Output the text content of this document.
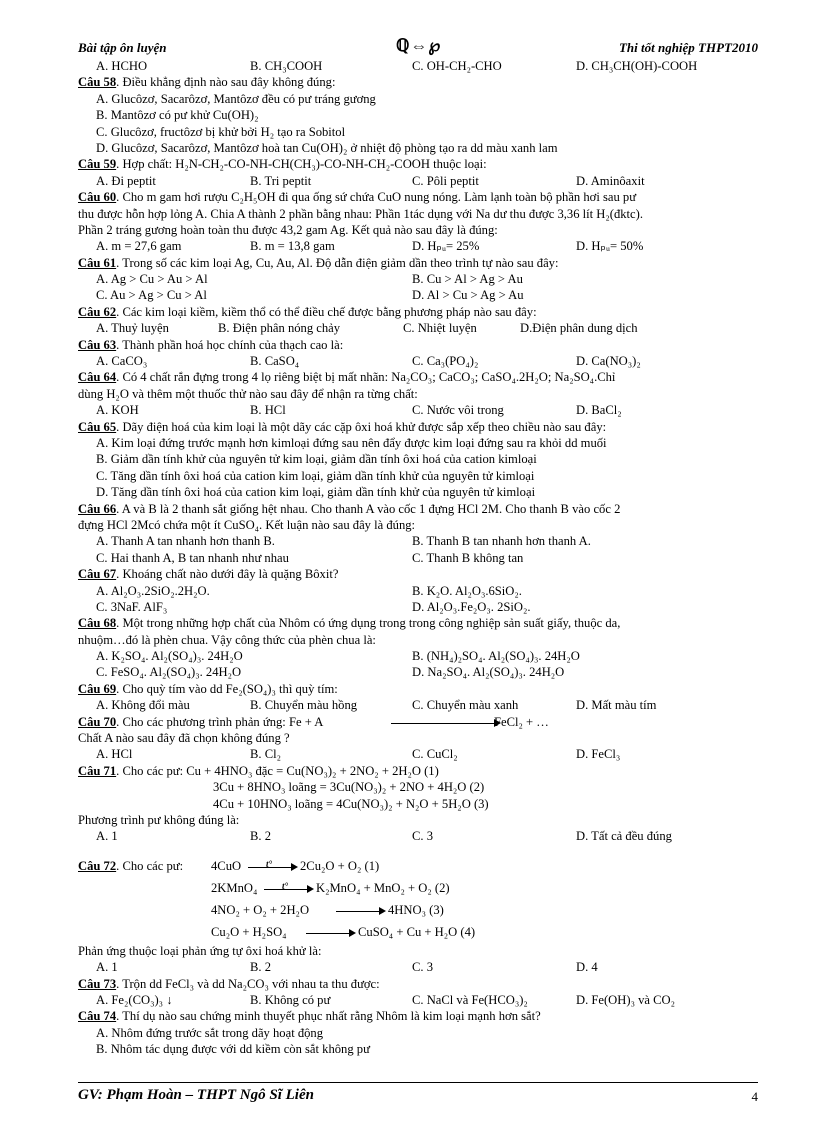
Bài tập ôn luyện	ℚ⇔℘	Thi tốt nghiệp THPT2010
A. HCHO	B. CH₃COOH	C. OH-CH₂-CHO	D. CH₃CH(OH)-COOH
Câu 58. Điều khẳng định nào sau đây không đúng:
A. Glucôzơ, Sacarôzơ, Mantôzơ đều có pư tráng gương
B. Mantôzơ có pư khử Cu(OH)₂
C. Glucôzơ, fructôzơ bị khử bởi H₂ tạo ra Sobitol
D. Glucôzơ, Sacarôzơ, Mantôzơ hoà tan Cu(OH)₂ ở nhiệt độ phòng tạo ra dd màu xanh lam
Câu 59. Hợp chất: H₂N-CH₂-CO-NH-CH(CH₃)-CO-NH-CH₂-COOH thuộc loại:
A. Đi peptit	B. Tri peptit	C. Pôli peptit	D. Aminôaxit
Câu 60. Cho m gam hơi rượu C₂H₅OH đi qua ống sứ chứa CuO nung nóng. Làm lạnh toàn bộ phần hơi sau pư
thu được hỗn hợp lỏng A. Chia A thành 2 phần bằng nhau: Phần 1tác dụng với Na dư thu được 3,36 lít H₂(đktc).
Phần 2 tráng gương hoàn toàn thu được 43,2 gam Ag. Kết quả nào sau đây là đúng:
A. m = 27,6 gam	B. m = 13,8 gam	D. Hₚᵤ= 25%	D. Hₚᵤ= 50%
Câu 61. Trong số các kim loại Ag, Cu, Au, Al. Độ dẫn điện giảm dần theo trình tự nào sau đây:
A. Ag > Cu > Au > Al	B. Cu > Al > Ag > Au
C. Au > Ag > Cu > Al	D. Al > Cu > Ag > Au
Câu 62. Các kim loại kiềm, kiềm thổ có thể điều chế được bằng phương pháp nào sau đây:
A. Thuỷ luyện	B. Điện phân nóng chảy	C. Nhiệt luyện	D.Điện phân dung dịch
Câu 63. Thành phần hoá học chính của thạch cao là:
A. CaCO₃	B. CaSO₄	C. Ca₃(PO₄)₂	D. Ca(NO₃)₂
Câu 64. Có 4 chất rắn đựng trong 4 lọ riêng biệt bị mất nhãn: Na₂CO₃; CaCO₃; CaSO₄.2H₂O; Na₂SO₄.Chỉ
dùng H₂O và thêm một thuốc thử nào sau đây để nhận ra từng chất:
A. KOH	B. HCl	C. Nước vôi trong	D. BaCl₂
Câu 65. Dãy điện hoá của kim loại là một dãy các cặp ôxi hoá khử được sắp xếp theo chiều nào sau đây:
A. Kim loại đứng trước mạnh hơn kimloại đứng sau nên đẩy được kim loại đứng sau ra khỏi dd muối
B. Giảm dần tính khử của nguyên tử kim loại, giảm dần tính ôxi hoá của cation kimloại
C. Tăng dần tính ôxi hoá của cation kim loại, giảm dần tính khử của nguyên tử kimloại
D. Tăng dần tính ôxi hoá của cation kim loại, giảm dần tính khử của nguyên tử kimloại
Câu 66. A và B là 2 thanh sắt giống hệt nhau. Cho thanh A vào cốc 1 đựng HCl 2M. Cho thanh B vào cốc 2
đựng HCl 2Mcó chứa một ít CuSO₄. Kết luận nào sau đây là đúng:
A. Thanh A tan nhanh hơn thanh B.	B. Thanh B tan nhanh hơn thanh A.
C. Hai thanh A, B tan nhanh như nhau	C. Thanh B không tan
Câu 67. Khoáng chất nào dưới đây là quặng Bôxit?
A. Al₂O₃.2SiO₂.2H₂O.	B. K₂O. Al₂O₃.6SiO₂.
C. 3NaF. AlF₃	D. Al₂O₃.Fe₂O₃. 2SiO₂.
Câu 68. Một trong những hợp chất của Nhôm có ứng dụng trong trong công nghiệp sản suất giấy, thuộc da,
nhuộm…đó là phèn chua. Vậy công thức của phèn chua là:
A. K₂SO₄. Al₂(SO₄)₃. 24H₂O	B. (NH₄)₂SO₄. Al₂(SO₄)₃. 24H₂O
C. FeSO₄. Al₂(SO₄)₃. 24H₂O	D. Na₂SO₄. Al₂(SO₄)₃. 24H₂O
Câu 69. Cho quỳ tím vào dd Fe₂(SO₄)₃ thì quỳ tím:
A. Không đổi màu	B. Chuyển màu hồng	C. Chuyển màu xanh	D. Mất màu tím
Câu 70. Cho các phương trình phản ứng: Fe + A	FeCl₂ + …
Chất A nào sau đây đã chọn không đúng ?
A. HCl	B. Cl₂	C. CuCl₂	D. FeCl₃
Câu 71. Cho các pư: Cu + 4HNO₃ đặc = Cu(NO₃)₂ + 2NO₂ + 2H₂O (1)
3Cu + 8HNO₃ loãng = 3Cu(NO₃)₂ + 2NO + 4H₂O (2)
4Cu + 10HNO₃ loãng = 4Cu(NO₃)₂ + N₂O + 5H₂O (3)
Phương trình pư không đúng là:
A. 1	B. 2	C. 3	D. Tất cả đều đúng
Câu 72. Cho các pư: 4CuO	t° 2Cu₂O + O₂ (1)
2KMnO₄	t° K₂MnO₄ + MnO₂ + O₂ (2)
4NO₂ + O₂ + 2H₂O	4HNO₃ (3)
Cu₂O + H₂SO₄	CuSO₄ + Cu + H₂O (4)
Phản ứng thuộc loại phản ứng tự ôxi hoá khử là:
A. 1	B. 2	C. 3	D. 4
Câu 73. Trộn dd FeCl₃ và dd Na₂CO₃ với nhau ta thu được:
A. Fe₂(CO₃)₃ ↓	B. Không có pư	C. NaCl và Fe(HCO₃)₂	D. Fe(OH)₃ và CO₂
Câu 74. Thí dụ nào sau chứng minh thuyết phục nhất rằng Nhôm là kim loại mạnh hơn sắt?
A. Nhôm đứng trước sắt trong dãy hoạt động
B. Nhôm tác dụng được với dd kiềm còn sắt không pư
GV: Phạm Hoàn – THPT Ngô Sĩ Liên	4
